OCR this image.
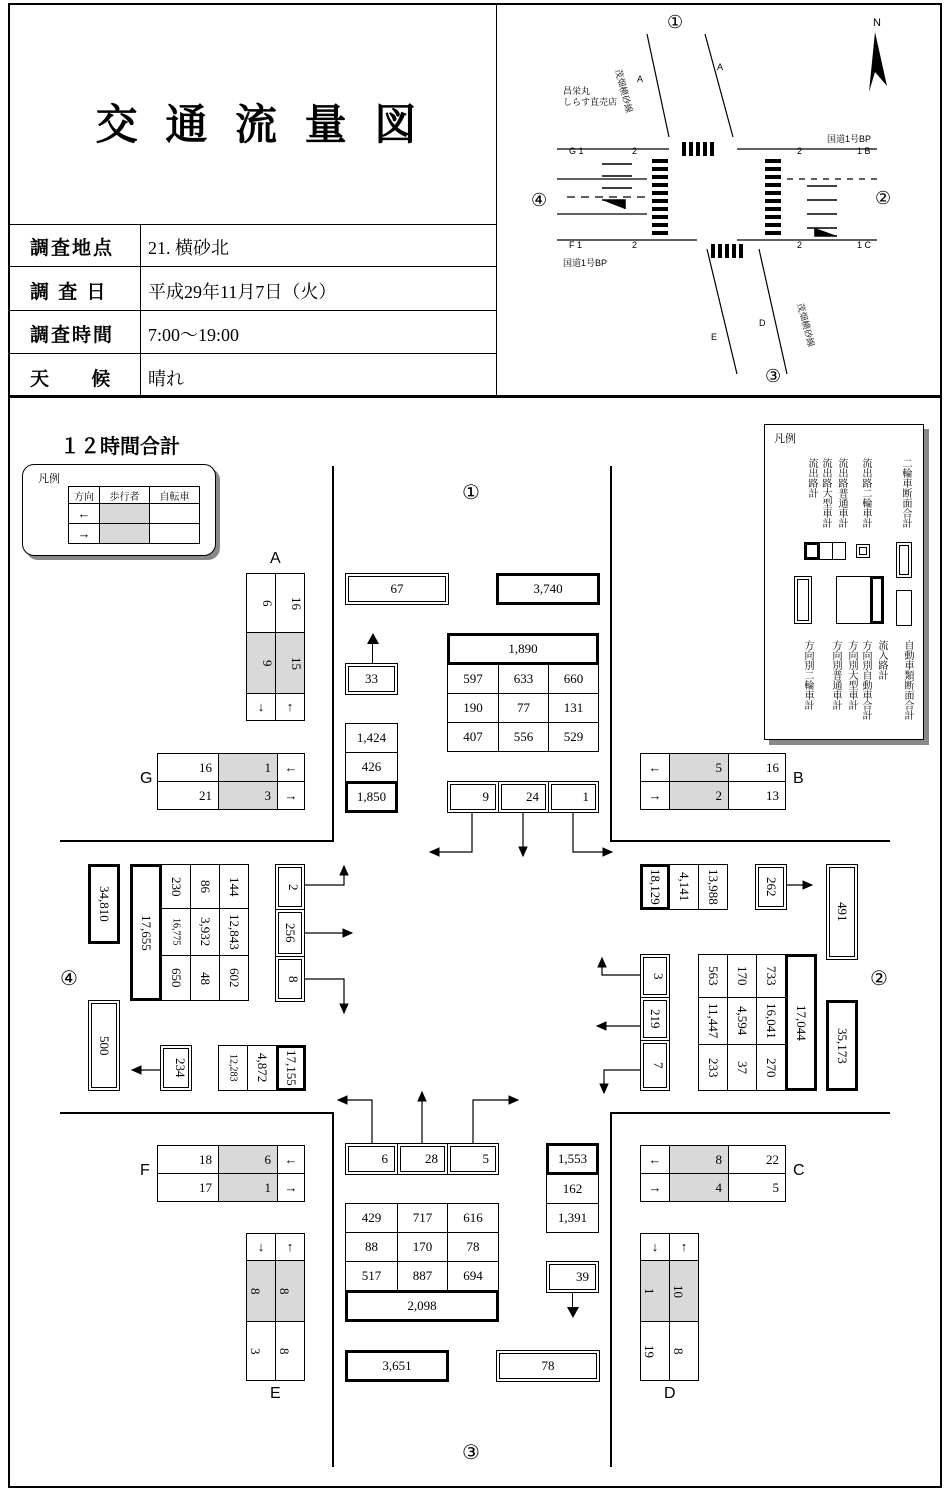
交 通 流 量 図
調査地点 21. 横砂北
調 査 日 平成29年11月7日（火）
調査時間 7:00〜19:00
天　 候 晴れ
N
①
②
③
④
昌栄丸
しらす直売店
国道1号BP
国道1号BP
茂畑横砂線
茂畑横砂線
A
A
G 1	2	2	1 B
F 1	2	2	1 C
E
D
１２時間合計
①
②
③
④
凡例
方向	歩行者	自転車
←
→
凡例
流出路計 流出路大型車計 流出路普通車計 流出路二輪車計	二輪車断面合計
方向別二輪車計 方向別普通車計 方向別大型車計 方向別自動車合計 流入路計 自動車類断面合計
A
6	16
9	15
↓	↑
G
16	1	←
21	3	→
B
←	5	16
→	2	13
F
18	6	←
17	1	→
C
←	8	22
→	4	5
↓	↑
8	8
3	8
E
↓	↑
1	10
19	8
D
67	3,740
33
1,424
426
1,850
1,890
597	633	660
190	77	131
407	556	529
9	24	1
18,129	4,141	13,988	262
491
3
219
7
563	170	733
11,447	4,594	16,041
233	37	270
17,044
35,173
34,810
17,655
230	86	144
16,775	3,932	12,843
650	48	602
2
256
8
500
234	12,283	4,872	17,155
6	28	5	1,553
162
1,391
429	717	616
88	170	78
517	887	694
2,098
39
3,651	78
